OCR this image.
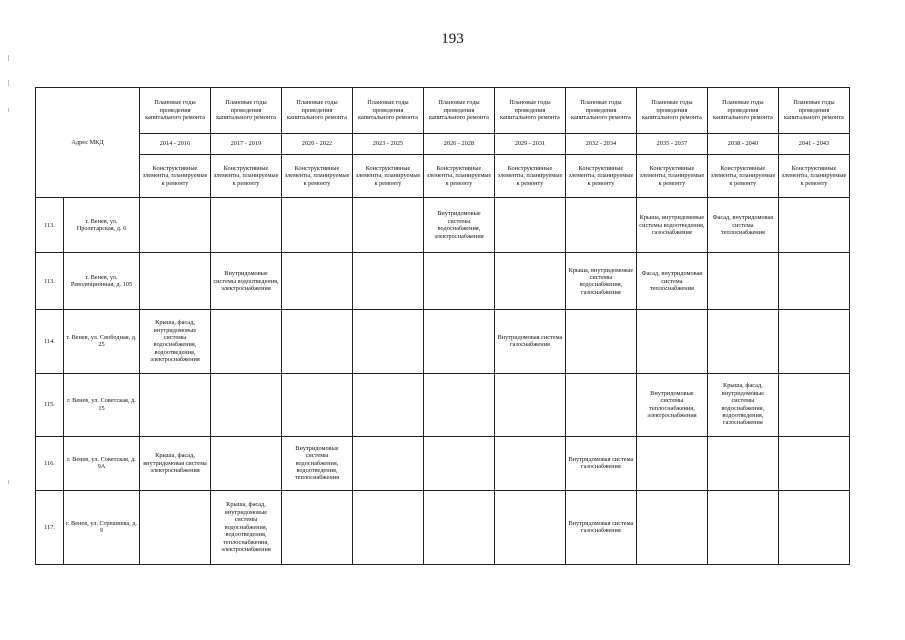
193
Адрес МКД		Плановые годы проведения капитального ремонта	Плановые годы проведения капитального ремонта	Плановые годы проведения капитального ремонта	Плановые годы проведения капитального ремонта	Плановые годы проведения капитального ремонта	Плановые годы проведения капитального ремонта	Плановые годы проведения капитального ремонта	Плановые годы проведения капитального ремонта	Плановые годы проведения капитального ремонта	Плановые годы проведения капитального ремонта
		2014 - 2016	2017 - 2019	2020 - 2022	2023 - 2025	2026 - 2028	2029 - 2031	2032 - 2034	2035 - 2037	2038 - 2040	2041 - 2043
		Конструктивные элементы, планируемые к ремонту	Конструктивные элементы, планируемые к ремонту	Конструктивные элементы, планируемые к ремонту	Конструктивные элементы, планируемые к ремонту	Конструктивные элементы, планируемые к ремонту	Конструктивные элементы, планируемые к ремонту	Конструктивные элементы, планируемые к ремонту	Конструктивные элементы, планируемые к ремонту	Конструктивные элементы, планируемые к ремонту	Конструктивные элементы, планируемые к ремонту
113.	г. Венев, ул. Пролетарская, д. 6					Внутридомовые системы водоснабжения, электроснабжения			Крыша, внутридомовые системы водоотведения, газоснабжения	Фасад, внутридомовая система теплоснабжения	
113.	г. Венев, ул. Революционная, д. 105		Внутридомовые системы водоотведения, электроснабжения					Крыша, внутридомовые системы водоснабжения, газоснабжения	Фасад, внутридомовая система теплоснабжения		
114.	г. Венев, ул. Свободная, д. 25	Крыша, фасад, внутридомовые системы водоснабжения, водоотведения, электроснабжения					Внутридомовая система газоснабжения				
115.	г. Венев, ул. Советская, д. 15								Внутридомовые системы теплоснабжения, электроснабжения	Крыша, фасад, внутридомовые системы водоснабжения, водоотведения, газоснабжения	
116.	г. Венев, ул. Советская, д. 9А	Крыша, фасад, внутридомовая система электроснабжения		Внутридомовые системы водоснабжения, водоотведения, теплоснабжения				Внутридомовая система газоснабжения			
117.	г. Венев, ул. Стрешнева, д. 9		Крыша, фасад, внутридомовые системы водоснабжения, водоотведения, теплоснабжения, электроснабжения					Внутридомовая система газоснабжения			
